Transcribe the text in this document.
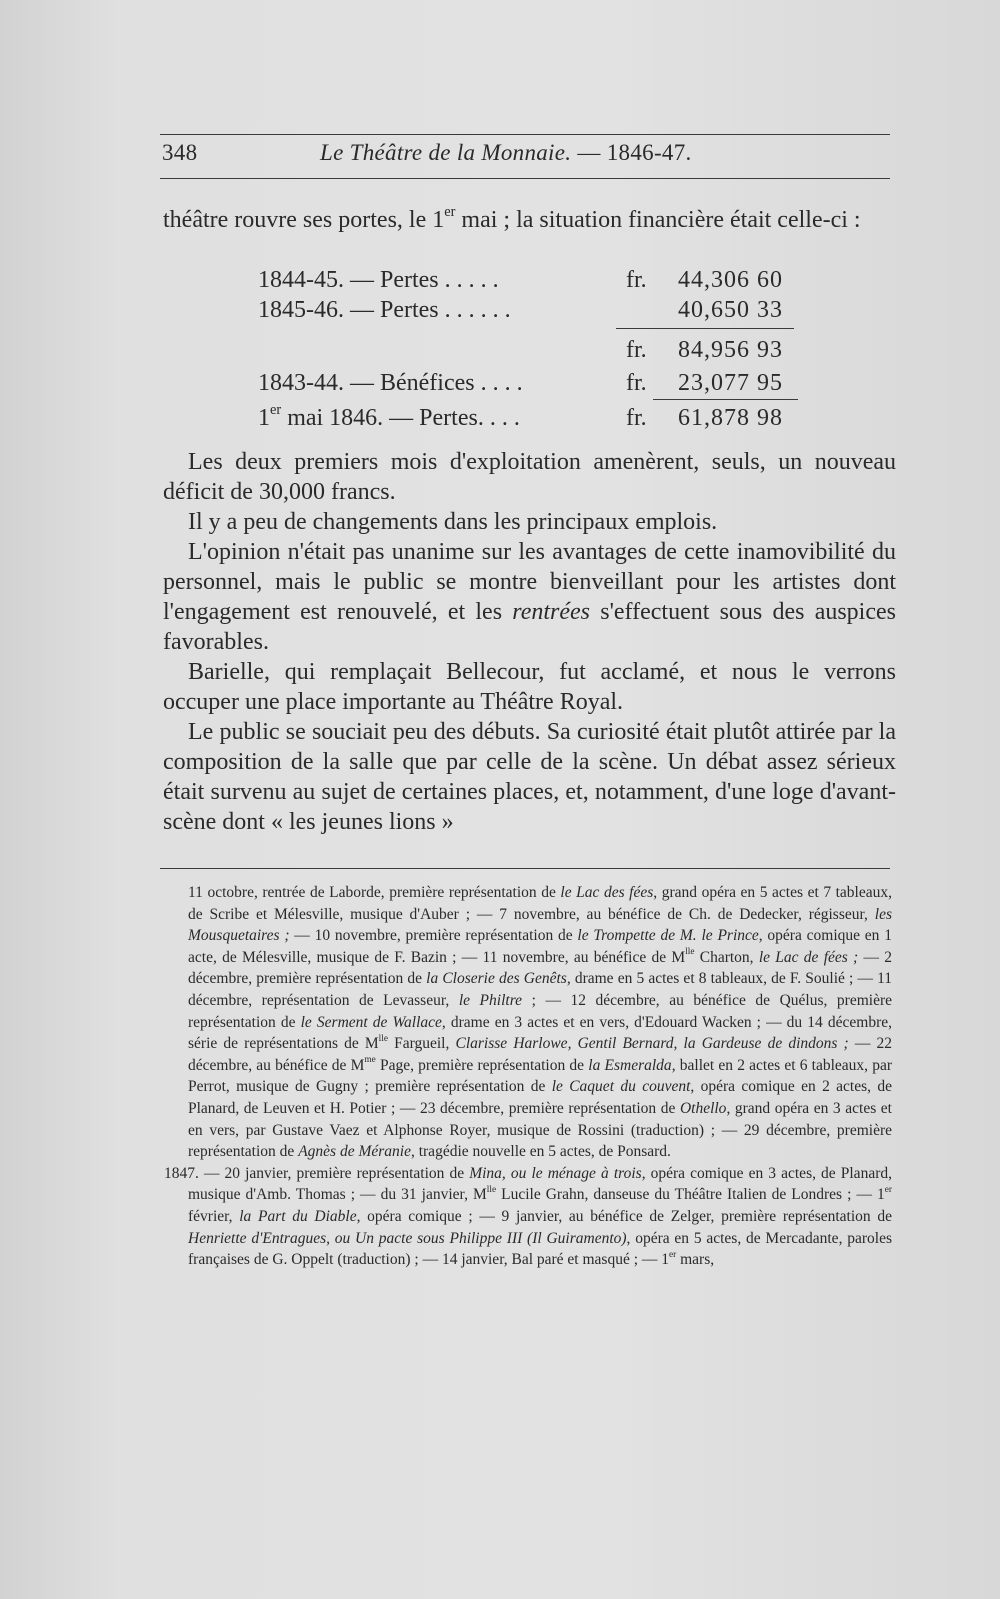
348	Le Théâtre de la Monnaie. — 1846-47.

théâtre rouvre ses portes, le 1er mai ; la situation financière était celle-ci :

1844-45. — Pertes . . . . .	fr. 44,306 60
1845-46. — Pertes . . . . . .	40,650 33
fr. 84,956 93
1843-44. — Bénéfices . . . .	fr. 23,077 95
1er mai 1846. — Pertes. . . .	fr. 61,878 98

Les deux premiers mois d'exploitation amenèrent, seuls, un nouveau déficit de 30,000 francs.

Il y a peu de changements dans les principaux emplois.

L'opinion n'était pas unanime sur les avantages de cette inamovibilité du personnel, mais le public se montre bienveillant pour les artistes dont l'engagement est renouvelé, et les rentrées s'effectuent sous des auspices favorables.

Barielle, qui remplaçait Bellecour, fut acclamé, et nous le verrons occuper une place importante au Théâtre Royal.

Le public se souciait peu des débuts. Sa curiosité était plutôt attirée par la composition de la salle que par celle de la scène. Un débat assez sérieux était survenu au sujet de certaines places, et, notamment, d'une loge d'avant-scène dont « les jeunes lions »

11 octobre, rentrée de Laborde, première représentation de le Lac des fées, grand opéra en 5 actes et 7 tableaux, de Scribe et Mélesville, musique d'Auber ; — 7 novembre, au bénéfice de Ch. de Dedecker, régisseur, les Mousquetaires ; — 10 novembre, première représentation de le Trompette de M. le Prince, opéra comique en 1 acte, de Mélesville, musique de F. Bazin ; — 11 novembre, au bénéfice de $M^{lle}$ Charton, le Lac de fées ; — 2 décembre, première représentation de la Closerie des Genêts, drame en 5 actes et 8 tableaux, de F. Soulié ; — 11 décembre, représentation de Levasseur, le Philtre ; — 12 décembre, au bénéfice de Quélus, première représentation de le Serment de Wallace, drame en 3 actes et en vers, d'Edouard Wacken ; — du 14 décembre, série de représentations de $M^{lle}$ Fargueil, Clarisse Harlowe, Gentil Bernard, la Gardeuse de dindons ; — 22 décembre, au bénéfice de $M^{me}$ Page, première représentation de la Esmeralda, ballet en 2 actes et 6 tableaux, par Perrot, musique de Gugny ; première représentation de le Caquet du couvent, opéra comique en 2 actes, de Planard, de Leuven et H. Potier ; — 23 décembre, première représentation de Othello, grand opéra en 3 actes et en vers, par Gustave Vaez et Alphonse Royer, musique de Rossini (traduction) ; — 29 décembre, première représentation de Agnès de Méranie, tragédie nouvelle en 5 actes, de Ponsard.

1847. — 20 janvier, première représentation de Mina, ou le ménage à trois, opéra comique en 3 actes, de Planard, musique d'Amb. Thomas ; — du 31 janvier, $M^{lle}$ Lucile Grahn, danseuse du Théâtre Italien de Londres ; — 1er février, la Part du Diable, opéra comique ; — 9 janvier, au bénéfice de Zelger, première représentation de Henriette d'Entragues, ou Un pacte sous Philippe III (Il Guiramento), opéra en 5 actes, de Mercadante, paroles françaises de G. Oppelt (traduction) ; — 14 janvier, Bal paré et masqué ; — 1er mars,
